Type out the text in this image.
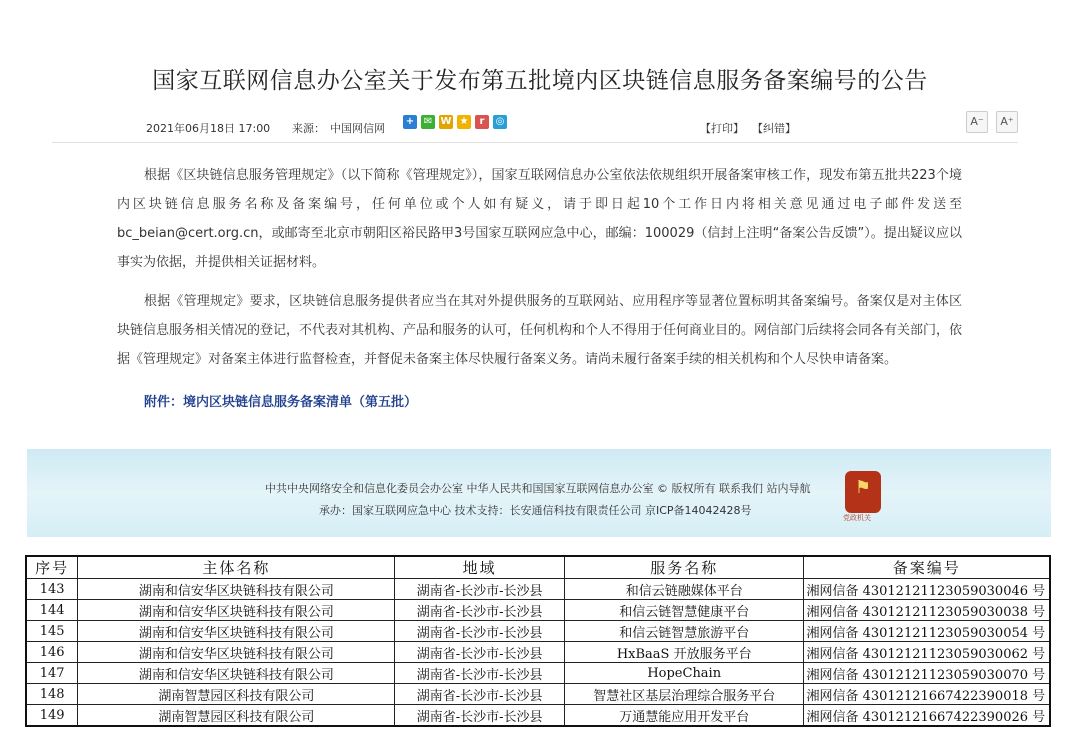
国家互联网信息办公室关于发布第五批境内区块链信息服务备案编号的公告
2021年06月18日 17:00 来源： 中国网信网	【打印】 【纠错】
+ ✉ W ★	r	◎	A⁻	A⁺

根据《区块链信息服务管理规定》（以下简称《管理规定》），国家互联网信息办公室依法依规组织开展备案审核工作，现发布第五批共223个境内区块链信息服务名称及备案编号，任何单位或个人如有疑义，请于即日起10个工作日内将相关意见通过电子邮件发送至bc_beian@cert.org.cn，或邮寄至北京市朝阳区裕民路甲3号国家互联网应急中心，邮编：100029（信封上注明“备案公告反馈”）。提出疑议应以事实为依据，并提供相关证据材料。

根据《管理规定》要求，区块链信息服务提供者应当在其对外提供服务的互联网站、应用程序等显著位置标明其备案编号。备案仅是对主体区块链信息服务相关情况的登记，不代表对其机构、产品和服务的认可，任何机构和个人不得用于任何商业目的。网信部门后续将会同各有关部门，依据《管理规定》对备案主体进行监督检查，并督促未备案主体尽快履行备案义务。请尚未履行备案手续的相关机构和个人尽快申请备案。

附件：境内区块链信息服务备案清单（第五批）
中共中央网络安全和信息化委员会办公室 中华人民共和国国家互联网信息办公室 © 版权所有 联系我们 站内导航
承办：国家互联网应急中心 技术支持：长安通信科技有限责任公司 京ICP备14042428号
⚑
党政机关
序号	主体名称	地域	服务名称	备案编号
143	湖南和信安华区块链科技有限公司	湖南省-长沙市-长沙县	和信云链融媒体平台	湘网信备 43012121123059030046 号
144	湖南和信安华区块链科技有限公司	湖南省-长沙市-长沙县	和信云链智慧健康平台	湘网信备 43012121123059030038 号
145	湖南和信安华区块链科技有限公司	湖南省-长沙市-长沙县	和信云链智慧旅游平台	湘网信备 43012121123059030054 号
146	湖南和信安华区块链科技有限公司	湖南省-长沙市-长沙县	HxBaaS 开放服务平台	湘网信备 43012121123059030062 号
147	湖南和信安华区块链科技有限公司	湖南省-长沙市-长沙县	HopeChain	湘网信备 43012121123059030070 号
148	湖南智慧园区科技有限公司	湖南省-长沙市-长沙县	智慧社区基层治理综合服务平台	湘网信备 43012121667422390018 号
149	湖南智慧园区科技有限公司	湖南省-长沙市-长沙县	万通慧能应用开发平台	湘网信备 43012121667422390026 号
